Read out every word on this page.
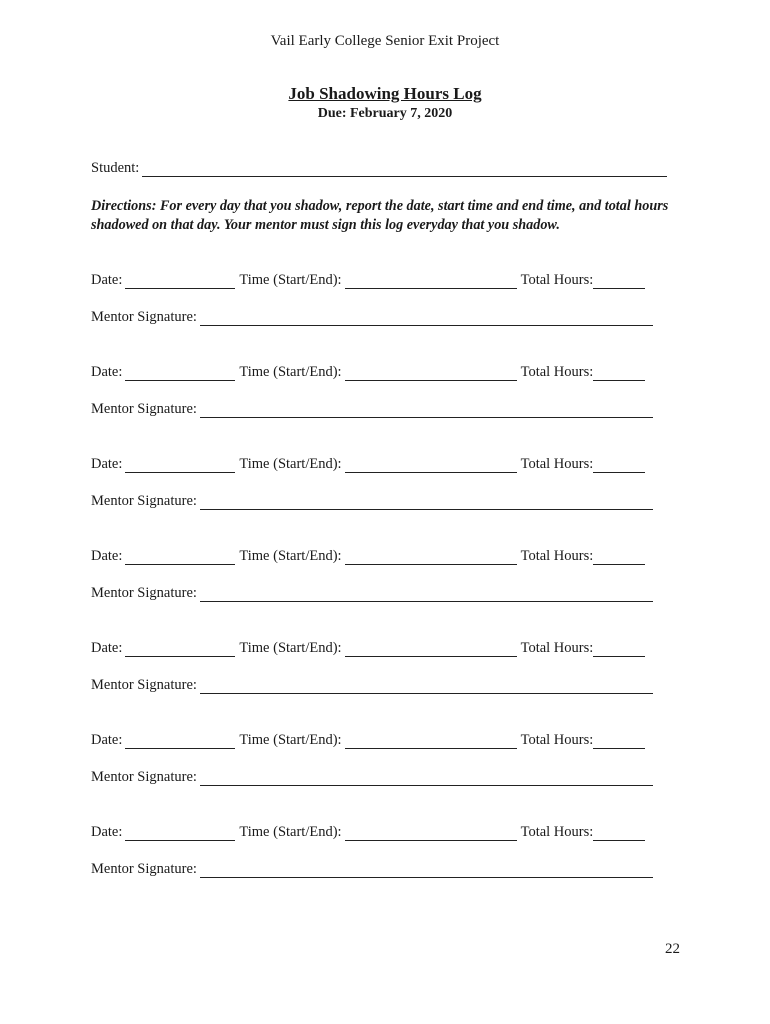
Vail Early College Senior Exit Project
Job Shadowing Hours Log
Due: February 7, 2020
Student:
Directions: For every day that you shadow, report the date, start time and end time, and total hours shadowed on that day. Your mentor must sign this log everyday that you shadow.
Date:	Time (Start/End):	Total Hours:
Mentor Signature:
Date:	Time (Start/End):	Total Hours:
Mentor Signature:
Date:	Time (Start/End):	Total Hours:
Mentor Signature:
Date:	Time (Start/End):	Total Hours:
Mentor Signature:
Date:	Time (Start/End):	Total Hours:
Mentor Signature:
Date:	Time (Start/End):	Total Hours:
Mentor Signature:
Date:	Time (Start/End):	Total Hours:
Mentor Signature:
22
